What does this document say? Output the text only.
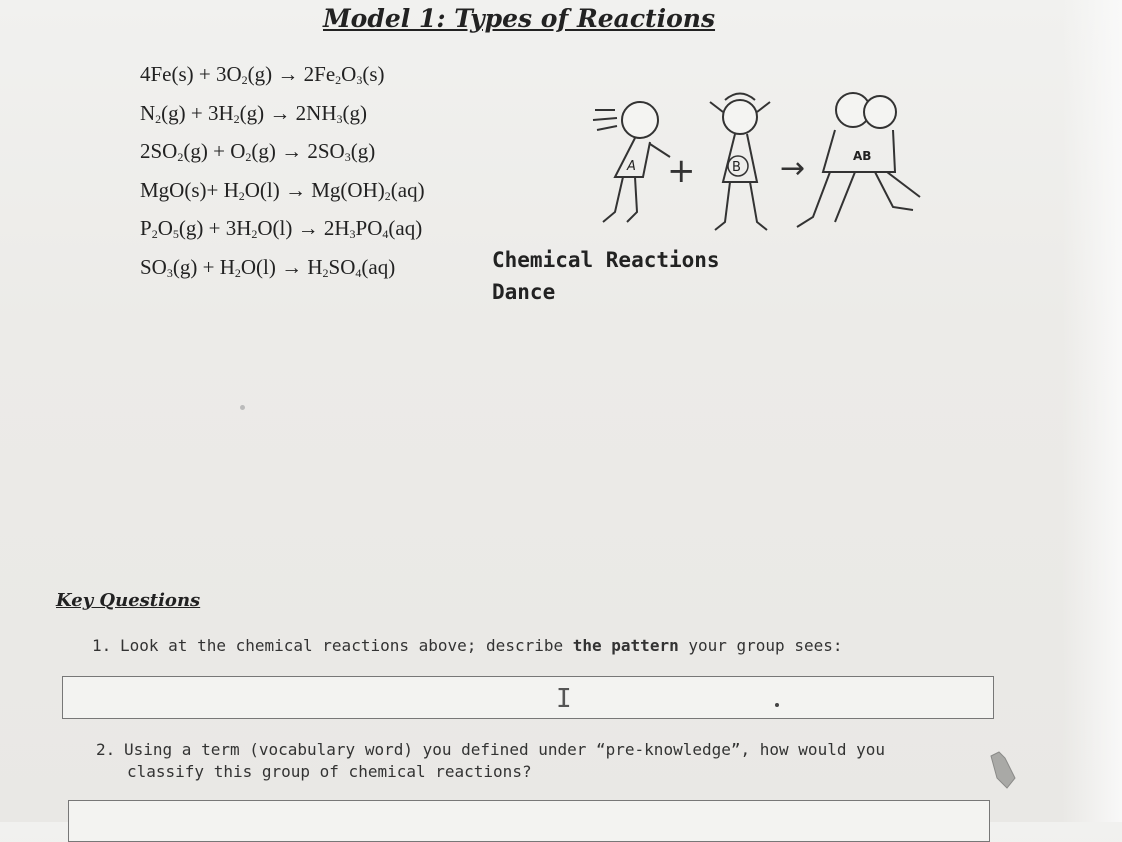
Model 1: Types of Reactions
$4Fe(s) + 3O_2(g) \to 2Fe_2O_3(s)$
$N_2(g) + 3H_2(g) \to 2NH_3(g)$
$2SO_2(g) + O_2(g) \to 2SO_3(g)$
$MgO(s)+ H_2O(l) \to Mg(OH)_2(aq)$
$P_2O_5(g) + 3H_2O(l) \to 2H_3PO_4(aq)$
$SO_3(g) + H_2O(l) \to H_2SO_4(aq)$
A +	B →	AB
Chemical Reactions
Dance
Key Questions
1. Look at the chemical reactions above; describe the pattern your group sees:
I
2. Using a term (vocabulary word) you defined under “pre-knowledge”, how would you
classify this group of chemical reactions?
